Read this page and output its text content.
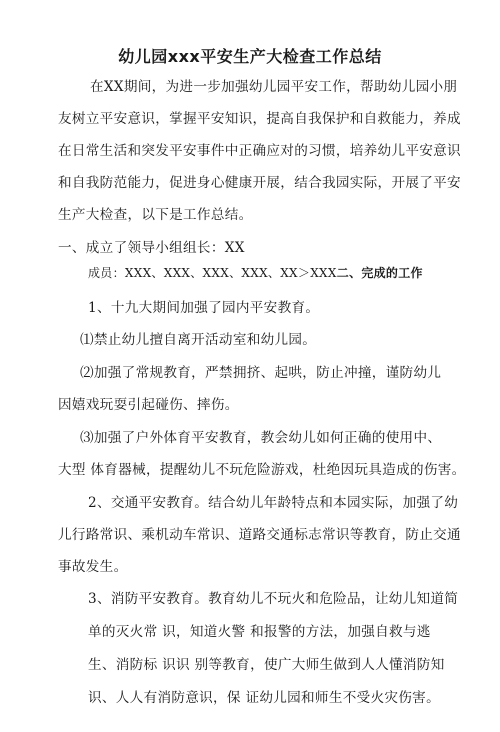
幼儿园xxx平安生产大检查工作总结
在XX期间，为进一步加强幼儿园平安工作，帮助幼儿园小朋
友树立平安意识，掌握平安知识，提高自我保护和自救能力，养成
在日常生活和突发平安事件中正确应对的习惯，培养幼儿平安意识
和自我防范能力，促进身心健康开展，结合我园实际，开展了平安
生产大检查，以下是工作总结。
一、成立了领导小组组长：XX
成员：XXX、XXX、XXX、XXX、XX＞XXX二、完成的工作
1、十九大期间加强了园内平安教育。
⑴禁止幼儿擅自离开活动室和幼儿园。
⑵加强了常规教育，严禁拥挤、起哄，防止冲撞，谨防幼儿
因嬉戏玩耍引起碰伤、摔伤。
⑶加强了户外体育平安教育，教会幼儿如何正确的使用中、
大型 体育器械，提醒幼儿不玩危险游戏，杜绝因玩具造成的伤害。
2、交通平安教育。结合幼儿年龄特点和本园实际，加强了幼
儿行路常识、乘机动车常识、道路交通标志常识等教育，防止交通
事故发生。
3、消防平安教育。教育幼儿不玩火和危险品，让幼儿知道简
单的灭火常 识，知道火警 和报警的方法，加强自救与逃
生、消防标 识识 别等教育，使广大师生做到人人懂消防知
识、人人有消防意识，保 证幼儿园和师生不受火灾伤害。
